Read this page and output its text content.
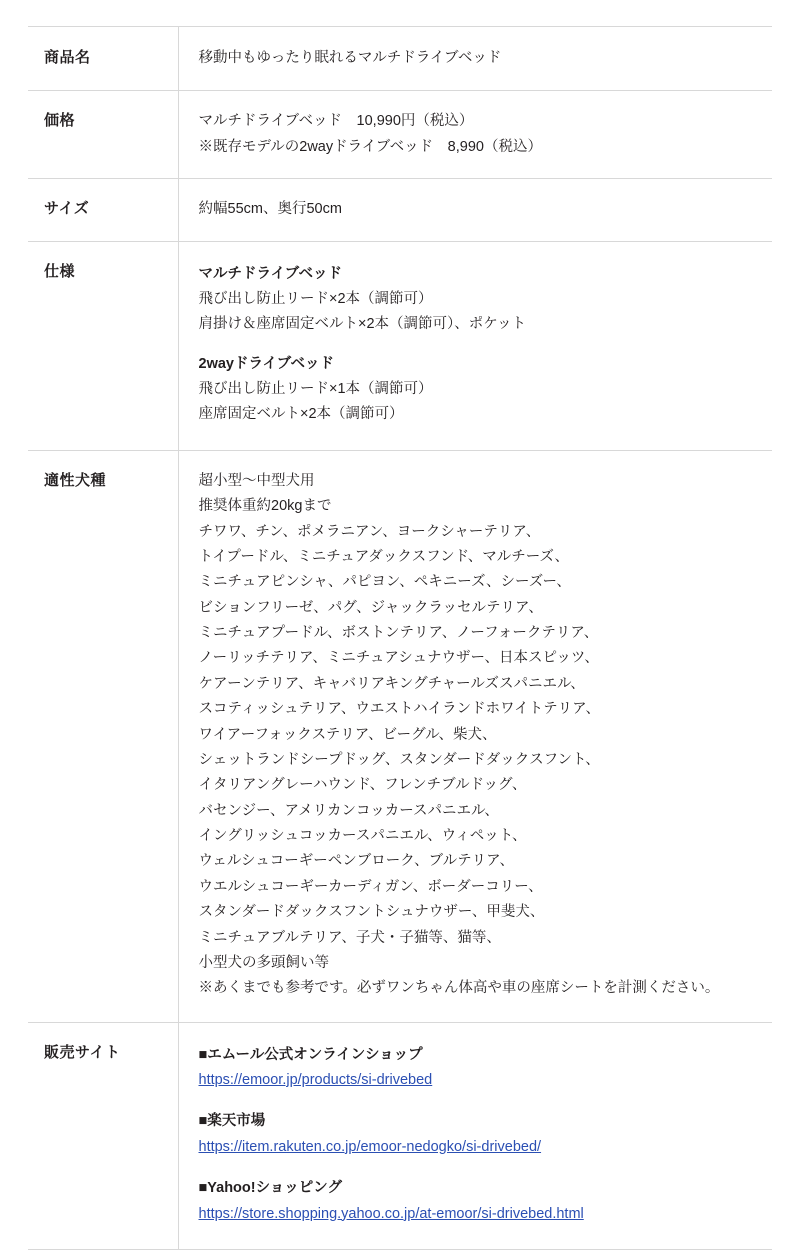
商品名	移動中もゆったり眠れるマルチドライブベッド

価格	マルチドライブベッド　10,990円（税込）
※既存モデルの2wayドライブベッド　8,990（税込）

サイズ	約幅55cm、奥行50cm

仕様	マルチドライブベッド
飛び出し防止リード×2本（調節可）
肩掛け＆座席固定ベルト×2本（調節可）、ポケット
2wayドライブベッド
飛び出し防止リード×1本（調節可）
座席固定ベルト×2本（調節可）

適性犬種	超小型～中型犬用
推奨体重約20kgまで
チワワ、チン、ポメラニアン、ヨークシャーテリア、
トイプードル、ミニチュアダックスフンド、マルチーズ、
ミニチュアピンシャ、パピヨン、ペキニーズ、シーズー、
ビションフリーゼ、パグ、ジャックラッセルテリア、
ミニチュアプードル、ボストンテリア、ノーフォークテリア、
ノーリッチテリア、ミニチュアシュナウザー、日本スピッツ、
ケアーンテリア、キャバリアキングチャールズスパニエル、
スコティッシュテリア、ウエストハイランドホワイトテリア、
ワイアーフォックステリア、ビーグル、柴犬、
シェットランドシープドッグ、スタンダードダックスフント、
イタリアングレーハウンド、フレンチブルドッグ、
バセンジー、アメリカンコッカースパニエル、
イングリッシュコッカースパニエル、ウィペット、
ウェルシュコーギーペンブローク、ブルテリア、
ウエルシュコーギーカーディガン、ボーダーコリー、
スタンダードダックスフントシュナウザー、甲斐犬、
ミニチュアブルテリア、子犬・子猫等、猫等、
小型犬の多頭飼い等
※あくまでも参考です。必ずワンちゃん体高や車の座席シートを計測ください。

販売サイト	■エムール公式オンラインショップ
https://emoor.jp/products/si-drivebed
■楽天市場
https://item.rakuten.co.jp/emoor-nedogko/si-drivebed/
■Yahoo!ショッピング
https://store.shopping.yahoo.co.jp/at-emoor/si-drivebed.html
